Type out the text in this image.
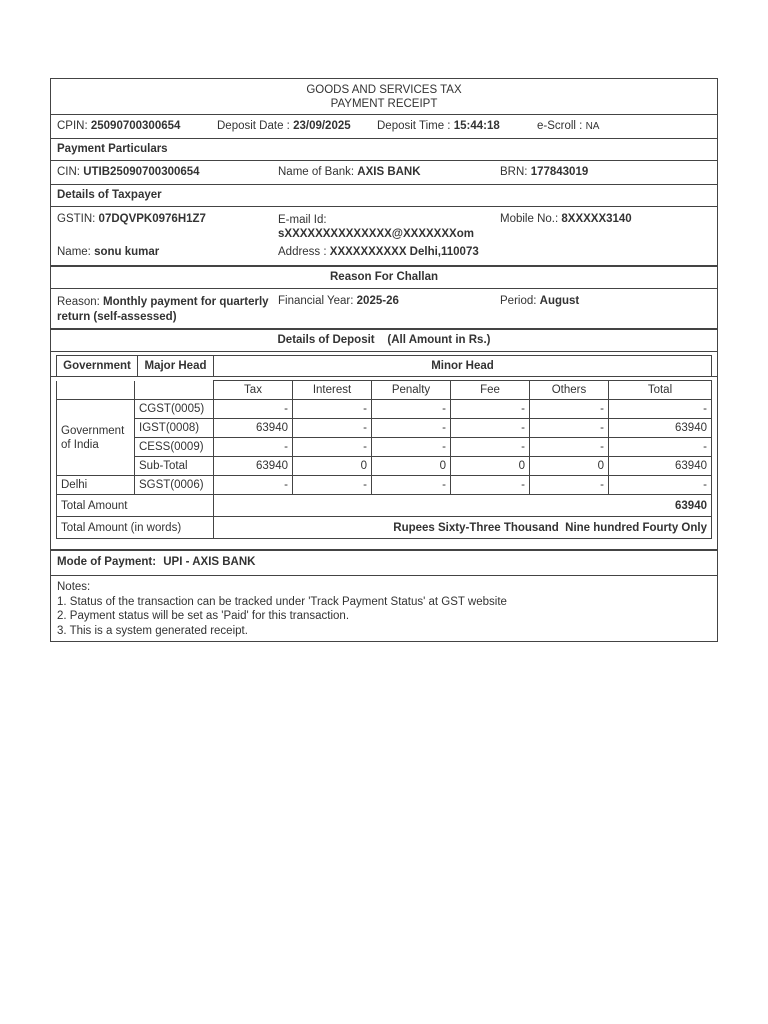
GOODS AND SERVICES TAX
PAYMENT RECEIPT
CPIN: 25090700300654	Deposit Date : 23/09/2025 Deposit Time : 15:44:18	e-Scroll : NA
Payment Particulars
CIN: UTIB25090700300654	Name of Bank: AXIS BANK	BRN: 177843019
Details of Taxpayer
GSTIN: 07DQVPK0976H1Z7	E-mail Id:
sXXXXXXXXXXXXXX@XXXXXXXom
Mobile No.: 8XXXXX3140
Name: sonu kumar	Address : XXXXXXXXXX Delhi,110073
Reason For Challan
Reason: Monthly payment for quarterly return (self-assessed)
Financial Year: 2025-26	Period: August
Details of Deposit    (All Amount in Rs.)
Government	Major Head	Minor Head
		Tax	Interest	Penalty	Fee	Others	Total
Government of India	CGST(0005)	-	-	-	-	-	-
	IGST(0008)	63940	-	-	-	-	63940
	CESS(0009)	-	-	-	-	-	-
	Sub-Total	63940	0	0	0	0	63940
Delhi	SGST(0006)	-	-	-	-	-	-
Total Amount		63940					
Total Amount (in words)		Rupees Sixty-Three Thousand  Nine hundred Fourty Only					
Mode of Payment: UPI - AXIS BANK
Notes:
1. Status of the transaction can be tracked under 'Track Payment Status' at GST website
2. Payment status will be set as 'Paid' for this transaction.
3. This is a system generated receipt.
